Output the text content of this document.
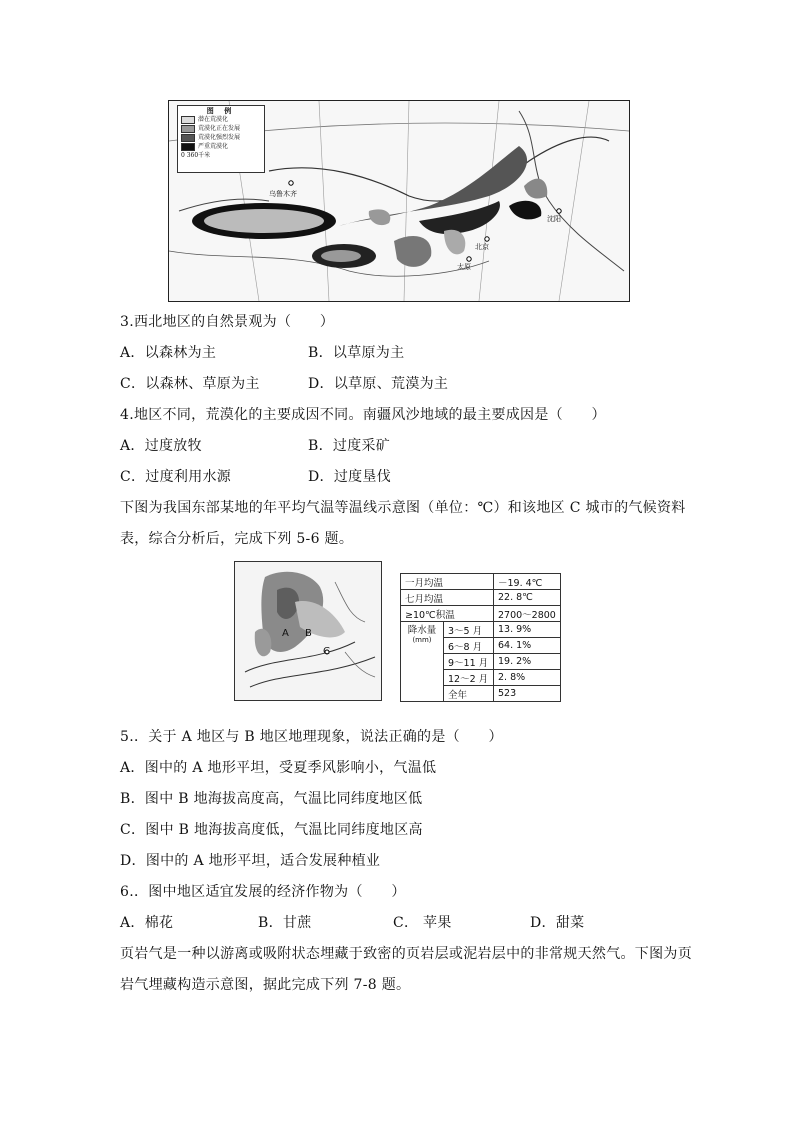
图 例
潜在荒漠化
荒漠化正在发展
荒漠化强烈发展
严重荒漠化
0 360千米
乌鲁木齐
沈阳
北京
太原
3.西北地区的自然景观为（　　）
A．以森林为主	B．以草原为主
C．以森林、草原为主	D．以草原、荒漠为主
4.地区不同，荒漠化的主要成因不同。南疆风沙地域的最主要成因是（　　）
A．过度放牧	B．过度采矿
C．过度利用水源	D．过度垦伐
下图为我国东部某地的年平均气温等温线示意图（单位：℃）和该地区 C 城市的气候资料
表，综合分析后，完成下列 5-6 题。
A B
C
一月均温		－19. 4℃
七月均温		22. 8℃
≥10℃积温		2700～2800

降水量
(mm)	3～5 月	13. 9%
	6～8 月	64. 1%
	9～11 月	19. 2%
	12～2 月	2. 8%
	全年	523
5.．关于 A 地区与 B 地区地理现象，说法正确的是（　　）
A．图中的 A 地形平坦，受夏季风影响小，气温低
B．图中 B 地海拔高度高，气温比同纬度地区低
C．图中 B 地海拔高度低，气温比同纬度地区高
D．图中的 A 地形平坦，适合发展种植业
6.．图中地区适宜发展的经济作物为（　　）
A．棉花	B．甘蔗	C． 苹果	D．甜菜
页岩气是一种以游离或吸附状态埋藏于致密的页岩层或泥岩层中的非常规天然气。下图为页
岩气埋藏构造示意图，据此完成下列 7-8 题。
